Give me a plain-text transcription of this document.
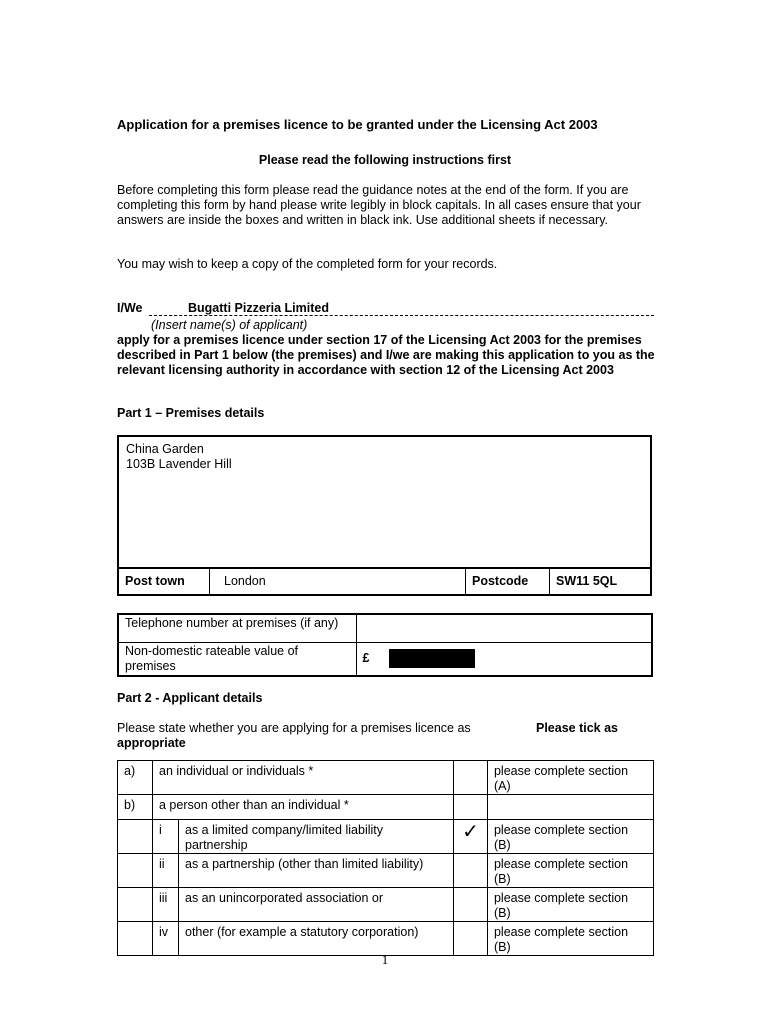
Application for a premises licence to be granted under the Licensing Act 2003
Please read the following instructions first
Before completing this form please read the guidance notes at the end of the form. If you are completing this form by hand please write legibly in block capitals. In all cases ensure that your answers are inside the boxes and written in black ink. Use additional sheets if necessary.
You may wish to keep a copy of the completed form for your records.
I/We	Bugatti Pizzeria Limited
(Insert name(s) of applicant)
apply for a premises licence under section 17 of the Licensing Act 2003 for the premises described in Part 1 below (the premises) and I/we are making this application to you as the relevant licensing authority in accordance with section 12 of the Licensing Act 2003
Part 1 – Premises details
China Garden
103B Lavender Hill
Post town	London	Postcode	SW11 5QL
Telephone number at premises (if any)	
Non-domestic rateable value of premises	£
Part 2 - Applicant details
Please state whether you are applying for a premises licence as	Please tick as
appropriate
a)	an individual or individuals *			please complete section (A)
b)	a person other than an individual *			
	i	as a limited company/limited liability partnership	✓	please complete section (B)
	ii	as a partnership (other than limited liability)		please complete section (B)
	iii	as an unincorporated association or		please complete section (B)
	iv	other (for example a statutory corporation)		please complete section (B)
1
